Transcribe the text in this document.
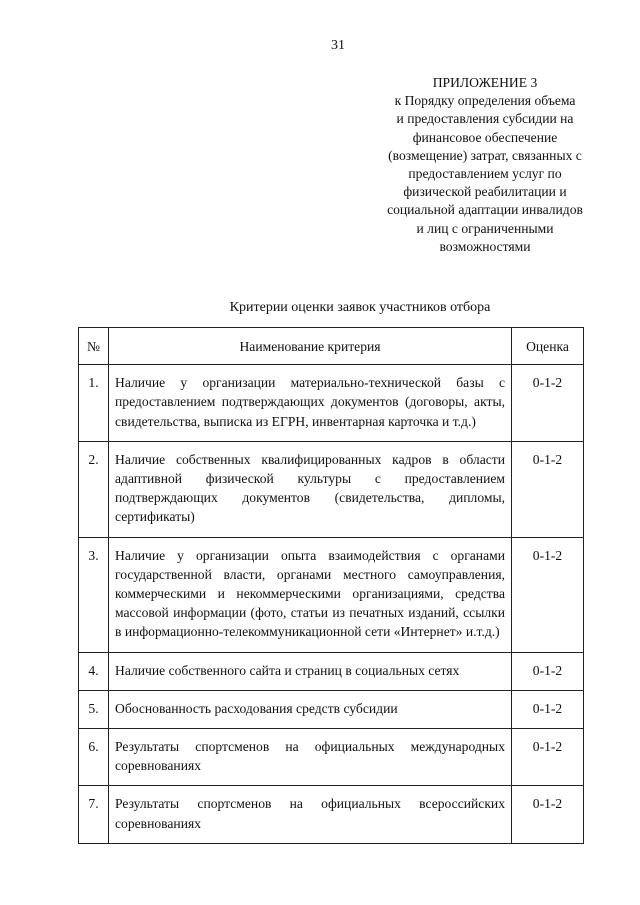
31
ПРИЛОЖЕНИЕ 3
к Порядку определения объема
и предоставления субсидии на
финансовое обеспечение
(возмещение) затрат, связанных с
предоставлением услуг по
физической реабилитации и
социальной адаптации инвалидов
и лиц с ограниченными
возможностями
Критерии оценки заявок участников отбора
№	Наименование критерия	Оценка
1.	Наличие у организации материально-технической базы с предоставлением подтверждающих документов (договоры, акты, свидетельства, выписка из ЕГРН, инвентарная карточка и т.д.)	0-1-2
2.	Наличие собственных квалифицированных кадров в области адаптивной физической культуры с предоставлением подтверждающих документов (свидетельства, дипломы, сертификаты)	0-1-2
3.	Наличие у организации опыта взаимодействия с органами государственной власти, органами местного самоуправления, коммерческими и некоммерческими организациями, средства массовой информации (фото, статьи из печатных изданий, ссылки в информационно-телекоммуникационной сети «Интернет» и.т.д.)	0-1-2
4.	Наличие собственного сайта и страниц в социальных сетях	0-1-2
5.	Обоснованность расходования средств субсидии	0-1-2
6.	Результаты спортсменов на официальных международных соревнованиях	0-1-2
7.	Результаты спортсменов на официальных всероссийских соревнованиях	0-1-2
